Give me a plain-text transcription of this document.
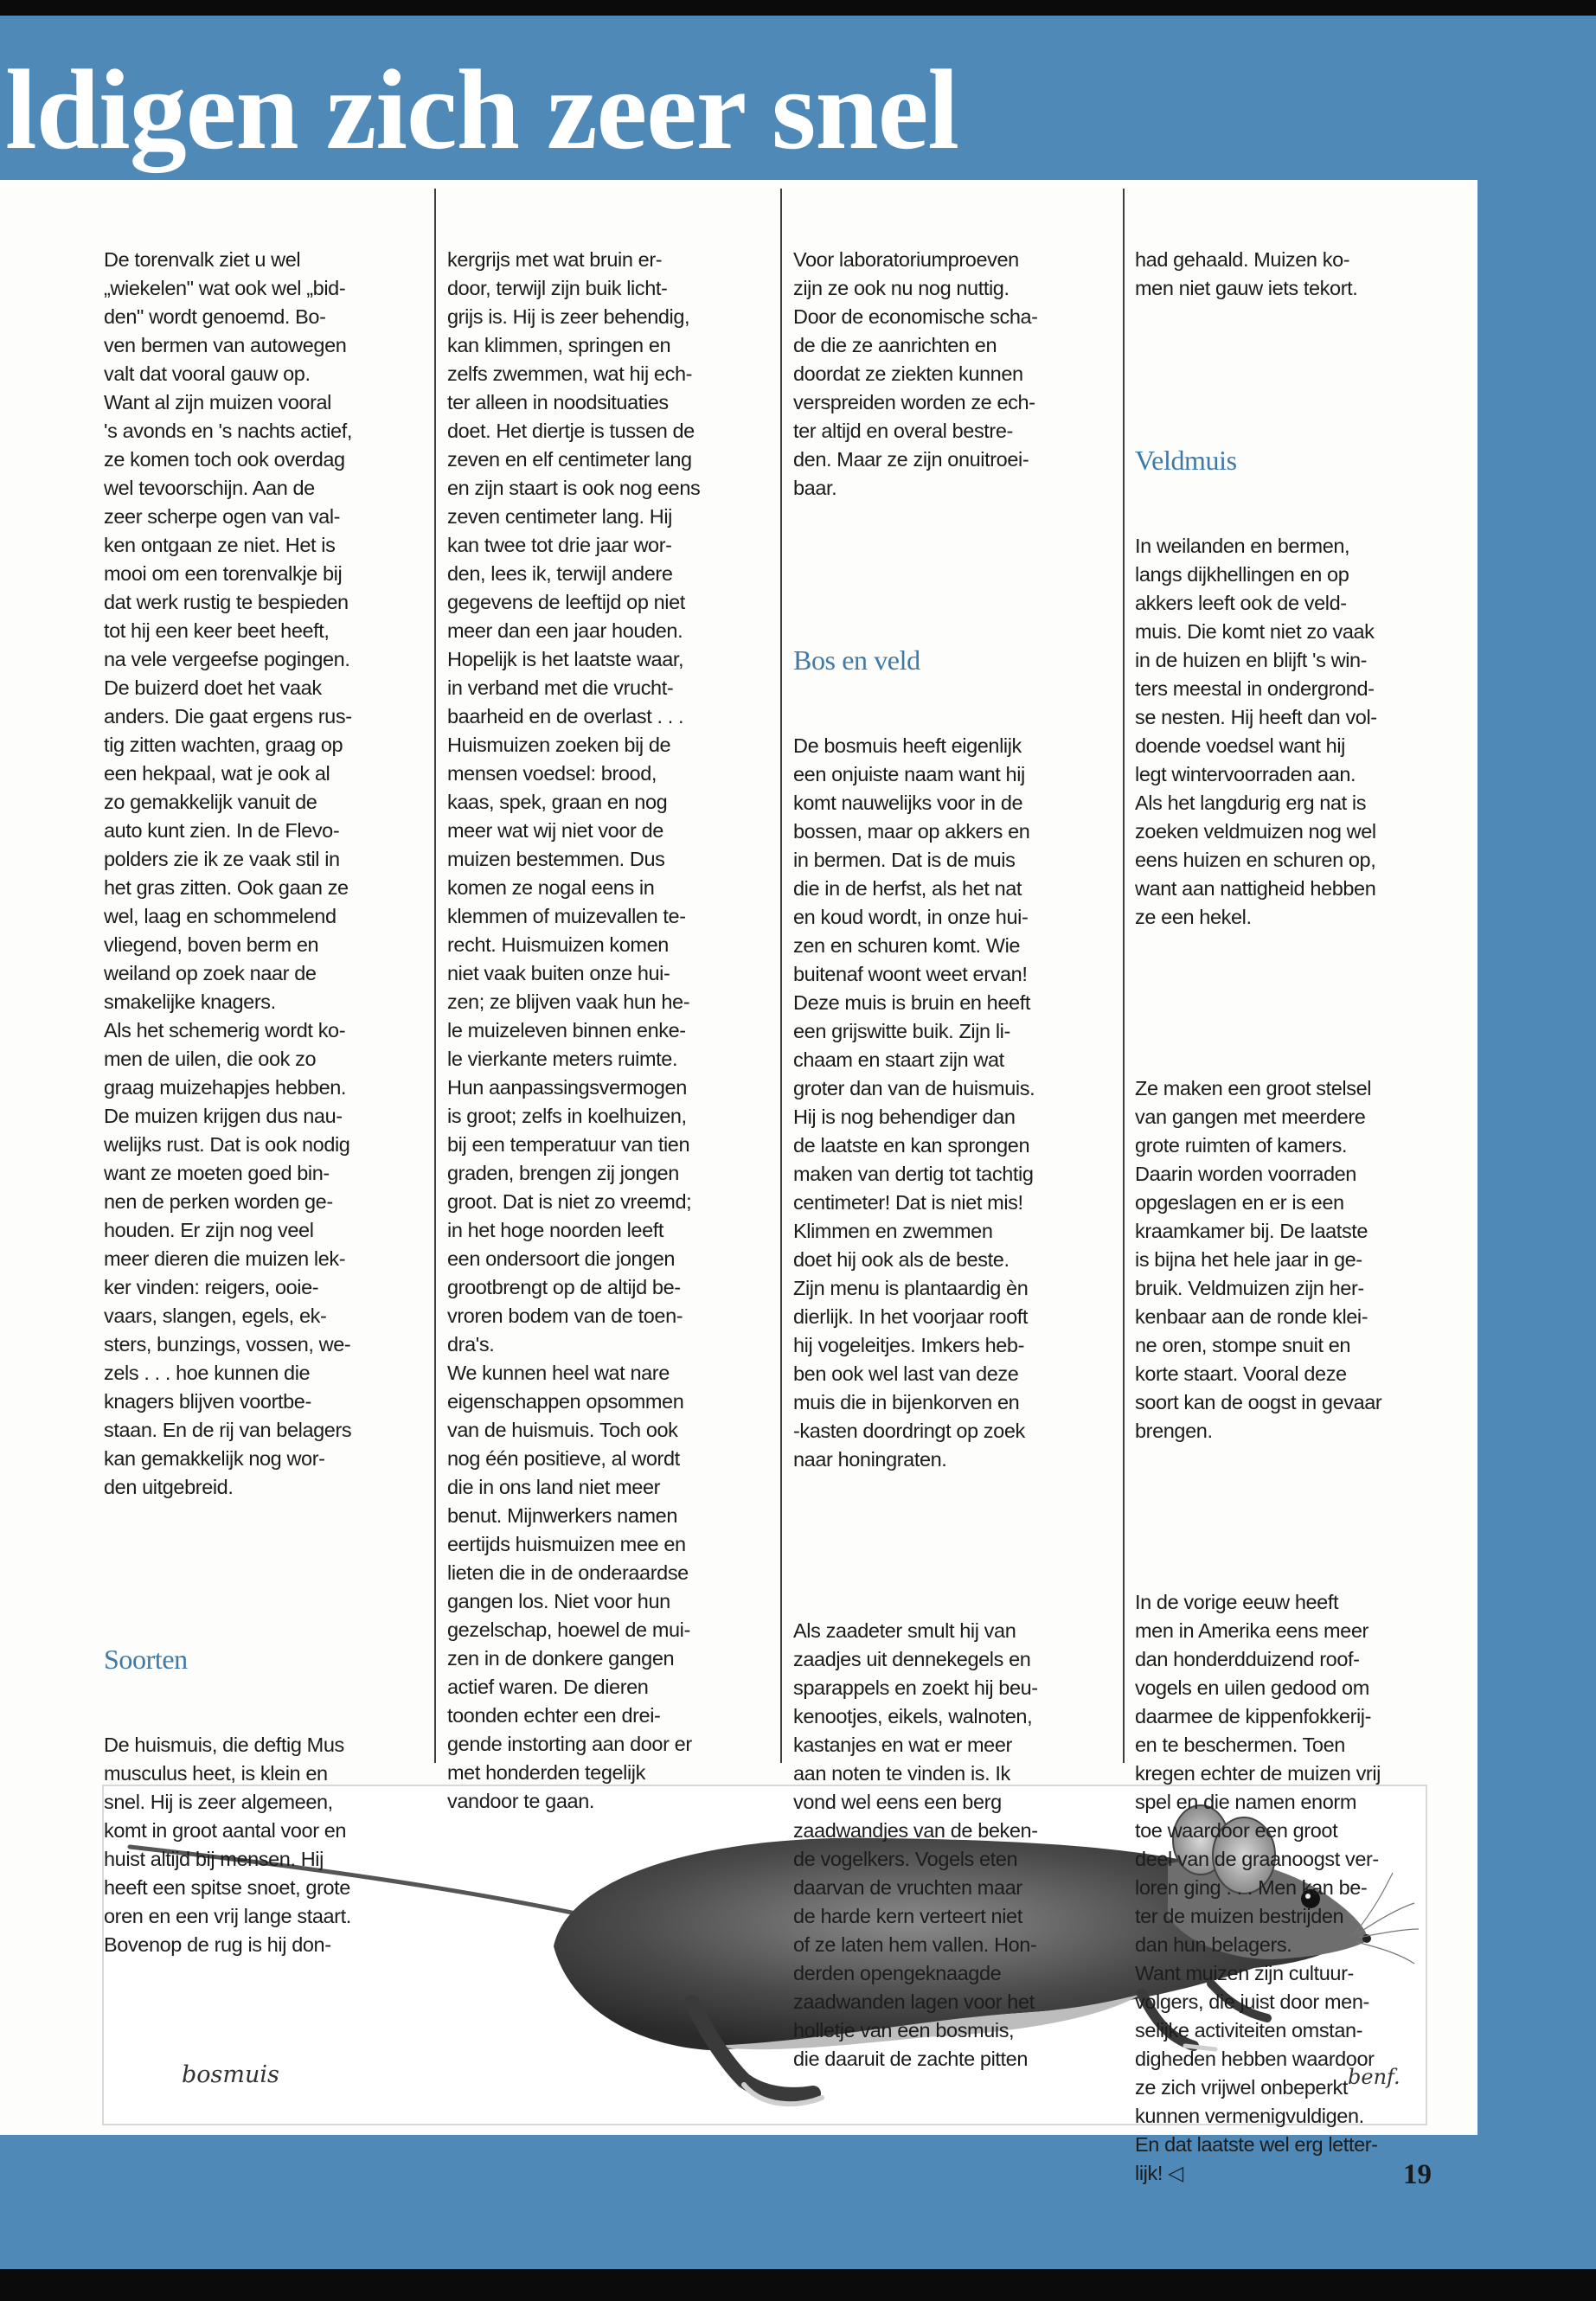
ldigen zich zeer snel
bosmuis	benf.

De torenvalk ziet u wel
„wiekelen" wat ook wel „bid-
den" wordt genoemd. Bo-
ven bermen van autowegen
valt dat vooral gauw op.
Want al zijn muizen vooral
's avonds en 's nachts actief,
ze komen toch ook overdag
wel tevoorschijn. Aan de
zeer scherpe ogen van val-
ken ontgaan ze niet. Het is
mooi om een torenvalkje bij
dat werk rustig te bespieden
tot hij een keer beet heeft,
na vele vergeefse pogingen.
De buizerd doet het vaak
anders. Die gaat ergens rus-
tig zitten wachten, graag op
een hekpaal, wat je ook al
zo gemakkelijk vanuit de
auto kunt zien. In de Flevo-
polders zie ik ze vaak stil in
het gras zitten. Ook gaan ze
wel, laag en schommelend
vliegend, boven berm en
weiland op zoek naar de
smakelijke knagers.
Als het schemerig wordt ko-
men de uilen, die ook zo
graag muizehapjes hebben.
De muizen krijgen dus nau-
welijks rust. Dat is ook nodig
want ze moeten goed bin-
nen de perken worden ge-
houden. Er zijn nog veel
meer dieren die muizen lek-
ker vinden: reigers, ooie-
vaars, slangen, egels, ek-
sters, bunzings, vossen, we-
zels . . . hoe kunnen die
knagers blijven voortbe-
staan. En de rij van belagers
kan gemakkelijk nog wor-
den uitgebreid.

Soorten

De huismuis, die deftig Mus
musculus heet, is klein en
snel. Hij is zeer algemeen,
komt in groot aantal voor en
huist altijd bij mensen. Hij
heeft een spitse snoet, grote
oren en een vrij lange staart.
Bovenop de rug is hij don-

kergrijs met wat bruin er-
door, terwijl zijn buik licht-
grijs is. Hij is zeer behendig,
kan klimmen, springen en
zelfs zwemmen, wat hij ech-
ter alleen in noodsituaties
doet. Het diertje is tussen de
zeven en elf centimeter lang
en zijn staart is ook nog eens
zeven centimeter lang. Hij
kan twee tot drie jaar wor-
den, lees ik, terwijl andere
gegevens de leeftijd op niet
meer dan een jaar houden.
Hopelijk is het laatste waar,
in verband met die vrucht-
baarheid en de overlast . . .
Huismuizen zoeken bij de
mensen voedsel: brood,
kaas, spek, graan en nog
meer wat wij niet voor de
muizen bestemmen. Dus
komen ze nogal eens in
klemmen of muizevallen te-
recht. Huismuizen komen
niet vaak buiten onze hui-
zen; ze blijven vaak hun he-
le muizeleven binnen enke-
le vierkante meters ruimte.
Hun aanpassingsvermogen
is groot; zelfs in koelhuizen,
bij een temperatuur van tien
graden, brengen zij jongen
groot. Dat is niet zo vreemd;
in het hoge noorden leeft
een ondersoort die jongen
grootbrengt op de altijd be-
vroren bodem van de toen-
dra's.
We kunnen heel wat nare
eigenschappen opsommen
van de huismuis. Toch ook
nog één positieve, al wordt
die in ons land niet meer
benut. Mijnwerkers namen
eertijds huismuizen mee en
lieten die in de onderaardse
gangen los. Niet voor hun
gezelschap, hoewel de mui-
zen in de donkere gangen
actief waren. De dieren
toonden echter een drei-
gende instorting aan door er
met honderden tegelijk
vandoor te gaan.

Voor laboratoriumproeven
zijn ze ook nu nog nuttig.
Door de economische scha-
de die ze aanrichten en
doordat ze ziekten kunnen
verspreiden worden ze ech-
ter altijd en overal bestre-
den. Maar ze zijn onuitroei-
baar.

Bos en veld

De bosmuis heeft eigenlijk
een onjuiste naam want hij
komt nauwelijks voor in de
bossen, maar op akkers en
in bermen. Dat is de muis
die in de herfst, als het nat
en koud wordt, in onze hui-
zen en schuren komt. Wie
buitenaf woont weet ervan!
Deze muis is bruin en heeft
een grijswitte buik. Zijn li-
chaam en staart zijn wat
groter dan van de huismuis.
Hij is nog behendiger dan
de laatste en kan sprongen
maken van dertig tot tachtig
centimeter! Dat is niet mis!
Klimmen en zwemmen
doet hij ook als de beste.
Zijn menu is plantaardig èn
dierlijk. In het voorjaar rooft
hij vogeleitjes. Imkers heb-
ben ook wel last van deze
muis die in bijenkorven en
-kasten doordringt op zoek
naar honingraten.

Als zaadeter smult hij van
zaadjes uit dennekegels en
sparappels en zoekt hij beu-
kenootjes, eikels, walnoten,
kastanjes en wat er meer
aan noten te vinden is. Ik
vond wel eens een berg
zaadwandjes van de beken-
de vogelkers. Vogels eten
daarvan de vruchten maar
de harde kern verteert niet
of ze laten hem vallen. Hon-
derden opengeknaagde
zaadwanden lagen voor het
holletje van een bosmuis,
die daaruit de zachte pitten

had gehaald. Muizen ko-
men niet gauw iets tekort.

Veldmuis

In weilanden en bermen,
langs dijkhellingen en op
akkers leeft ook de veld-
muis. Die komt niet zo vaak
in de huizen en blijft 's win-
ters meestal in ondergrond-
se nesten. Hij heeft dan vol-
doende voedsel want hij
legt wintervoorraden aan.
Als het langdurig erg nat is
zoeken veldmuizen nog wel
eens huizen en schuren op,
want aan nattigheid hebben
ze een hekel.

Ze maken een groot stelsel
van gangen met meerdere
grote ruimten of kamers.
Daarin worden voorraden
opgeslagen en er is een
kraamkamer bij. De laatste
is bijna het hele jaar in ge-
bruik. Veldmuizen zijn her-
kenbaar aan de ronde klei-
ne oren, stompe snuit en
korte staart. Vooral deze
soort kan de oogst in gevaar
brengen.

In de vorige eeuw heeft
men in Amerika eens meer
dan honderdduizend roof-
vogels en uilen gedood om
daarmee de kippenfokkerij-
en te beschermen. Toen
kregen echter de muizen vrij
spel en die namen enorm
toe waardoor een groot
deel van de graanoogst ver-
loren ging . . . Men kan be-
ter de muizen bestrijden
dan hun belagers.
Want muizen zijn cultuur-
volgers, die juist door men-
selijke activiteiten omstan-
digheden hebben waardoor
ze zich vrijwel onbeperkt
kunnen vermenigvuldigen.
En dat laatste wel erg letter-
lijk! ◁

	19
